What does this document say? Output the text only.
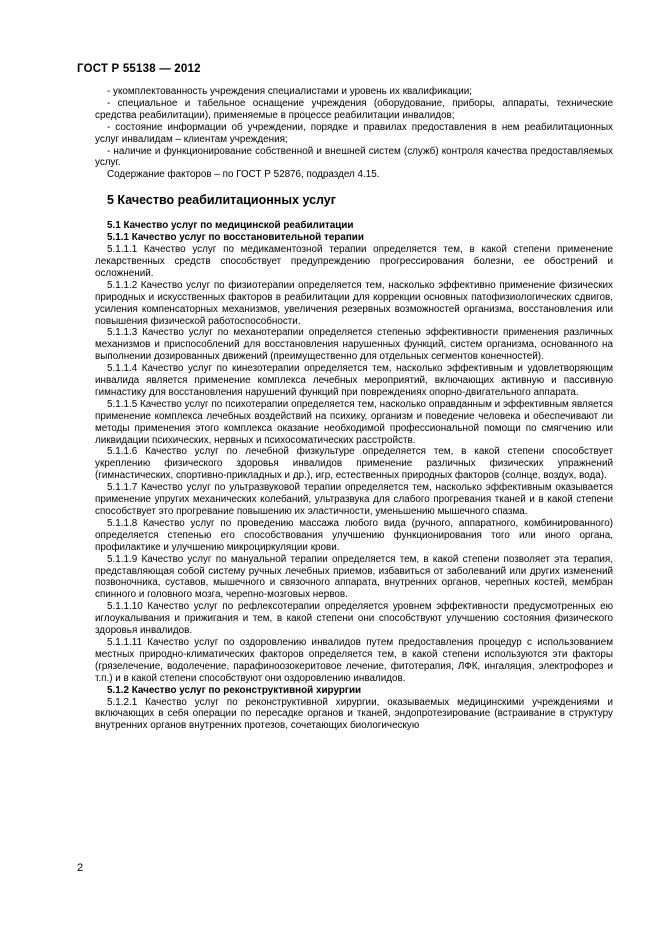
ГОСТ Р 55138 — 2012

- укомплектованность учреждения специалистами и уровень их квалификации;

- специальное и табельное оснащение учреждения (оборудование, приборы, аппараты, технические средства реабилитации), применяемые в процессе реабилитации инвалидов;

- состояние информации об учреждении, порядке и правилах предоставления в нем реабилитационных услуг инвалидам – клиентам учреждения;

- наличие и функционирование собственной и внешней систем (служб) контроля качества предоставляемых услуг.

Содержание факторов – по ГОСТ Р 52876, подраздел 4.15.

5 Качество реабилитационных услуг
5.1 Качество услуг по медицинской реабилитации
5.1.1 Качество услуг по восстановительной терапии

5.1.1.1 Качество услуг по медикаментозной терапии определяется тем, в какой степени применение лекарственных средств способствует предупреждению прогрессирования болезни, ее обострений и осложнений.

5.1.1.2 Качество услуг по физиотерапии определяется тем, насколько эффективно применение физических природных и искусственных факторов в реабилитации для коррекции основных патофизиологических сдвигов, усиления компенсаторных механизмов, увеличения резервных возможностей организма, восстановления или повышения физической работоспособности.

5.1.1.3 Качество услуг по механотерапии определяется степенью эффективности применения различных механизмов и приспособлений для восстановления нарушенных функций, систем организма, основанного на выполнении дозированных движений (преимущественно для отдельных сегментов конечностей).

5.1.1.4 Качество услуг по кинезотерапии определяется тем, насколько эффективным и удовлетворяющим инвалида является применение комплекса лечебных мероприятий, включающих активную и пассивную гимнастику для восстановления нарушений функций при повреждениях опорно-двигательного аппарата.

5.1.1.5 Качество услуг по психотерапии определяется тем, насколько оправданным и эффективным является применение комплекса лечебных воздействий на психику, организм и поведение человека и обеспечивают ли методы применения этого комплекса оказание необходимой профессиональной помощи по смягчению или ликвидации психических, нервных и психосоматических расстройств.

5.1.1.6 Качество услуг по лечебной физкультуре определяется тем, в какой степени способствует укреплению физического здоровья инвалидов применение различных физических упражнений (гимнастических, спортивно-прикладных и др.), игр, естественных природных факторов (солнце, воздух, вода).

5.1.1.7 Качество услуг по ультразвуковой терапии определяется тем, насколько эффективным оказывается применение упругих механических колебаний, ультразвука для слабого прогревания тканей и в какой степени способствует это прогревание повышению их эластичности, уменьшению мышечного спазма.

5.1.1.8 Качество услуг по проведению массажа любого вида (ручного, аппаратного, комбинированного) определяется степенью его способствования улучшению функционирования того или иного органа, профилактике и улучшению микроциркуляции крови.

5.1.1.9 Качество услуг по мануальной терапии определяется тем, в какой степени позволяет эта терапия, представляющая собой систему ручных лечебных приемов, избавиться от заболеваний или других изменений позвоночника, суставов, мышечного и связочного аппарата, внутренних органов, черепных костей, мембран спинного и головного мозга, черепно-мозговых нервов.

5.1.1.10 Качество услуг по рефлексотерапии определяется уровнем эффективности предусмотренных ею иглоукалывания и прижигания и тем, в какой степени они способствуют улучшению состояния физического здоровья инвалидов.

5.1.1.11 Качество услуг по оздоровлению инвалидов путем предоставления процедур с использованием местных природно-климатических факторов определяется тем, в какой степени используются эти факторы (грязелечение, водолечение, парафиноозокеритовое лечение, фитотерапия, ЛФК, ингаляция, электрофорез и т.п.) и в какой степени способствуют они оздоровлению инвалидов.

5.1.2 Качество услуг по реконструктивной хирургии

5.1.2.1 Качество услуг по реконструктивной хирургии, оказываемых медицинскими учреждениями и включающих в себя операции по пересадке органов и тканей, эндопротезирование (встраивание в структуру внутренних органов внутренних протезов, сочетающих биологическую

2
